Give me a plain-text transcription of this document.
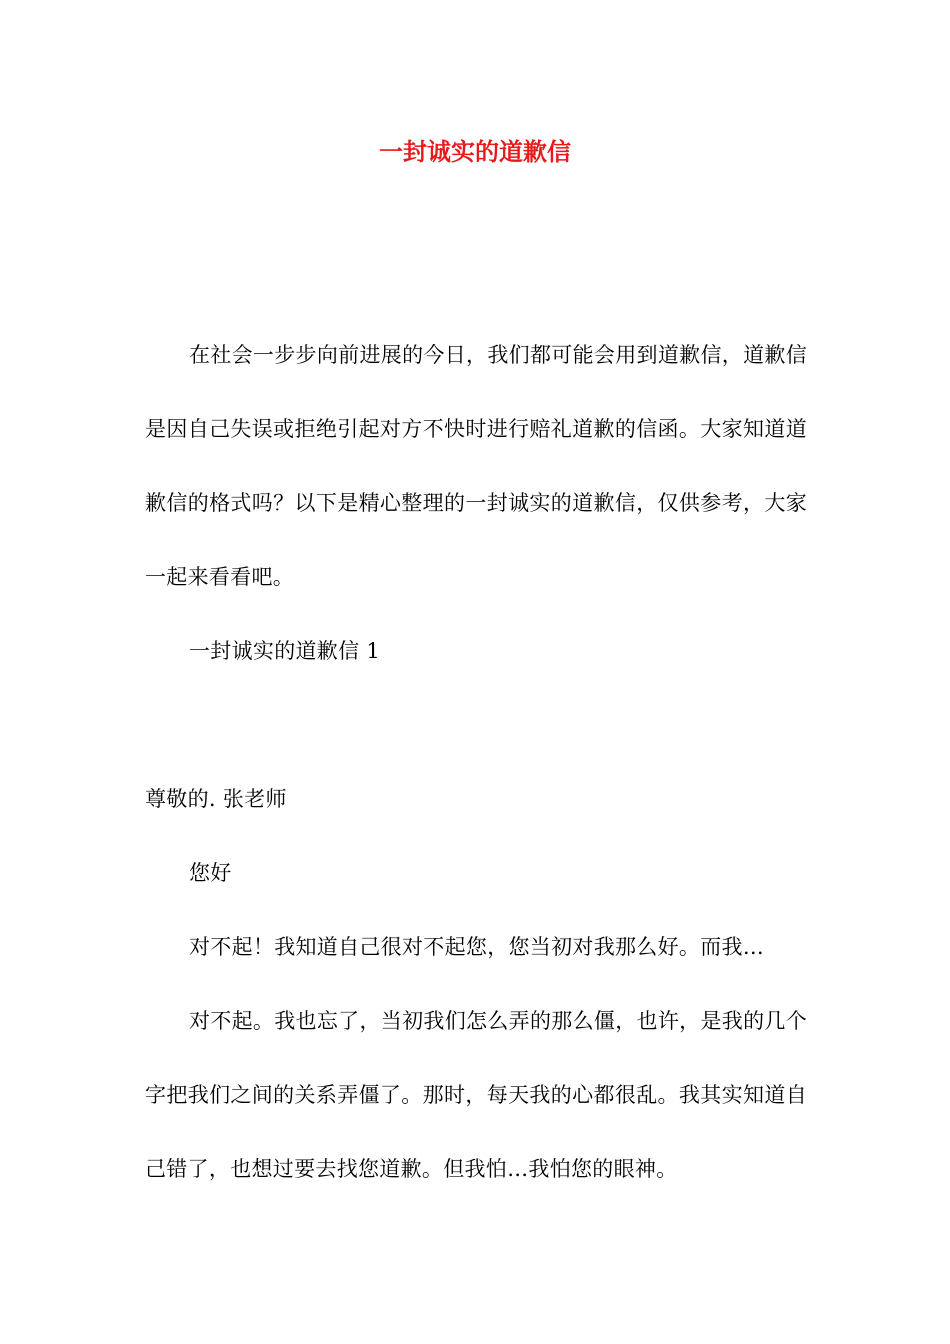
一封诚实的道歉信

在社会一步步向前进展的今日，我们都可能会用到道歉信，道歉信是因自己失误或拒绝引起对方不快时进行赔礼道歉的信函。大家知道道歉信的格式吗？以下是精心整理的一封诚实的道歉信，仅供参考，大家一起来看看吧。

一封诚实的道歉信 1

尊敬的. 张老师

您好

对不起！我知道自己很对不起您，您当初对我那么好。而我…

对不起。我也忘了，当初我们怎么弄的那么僵，也许，是我的几个字把我们之间的关系弄僵了。那时，每天我的心都很乱。我其实知道自己错了，也想过要去找您道歉。但我怕…我怕您的眼神。
